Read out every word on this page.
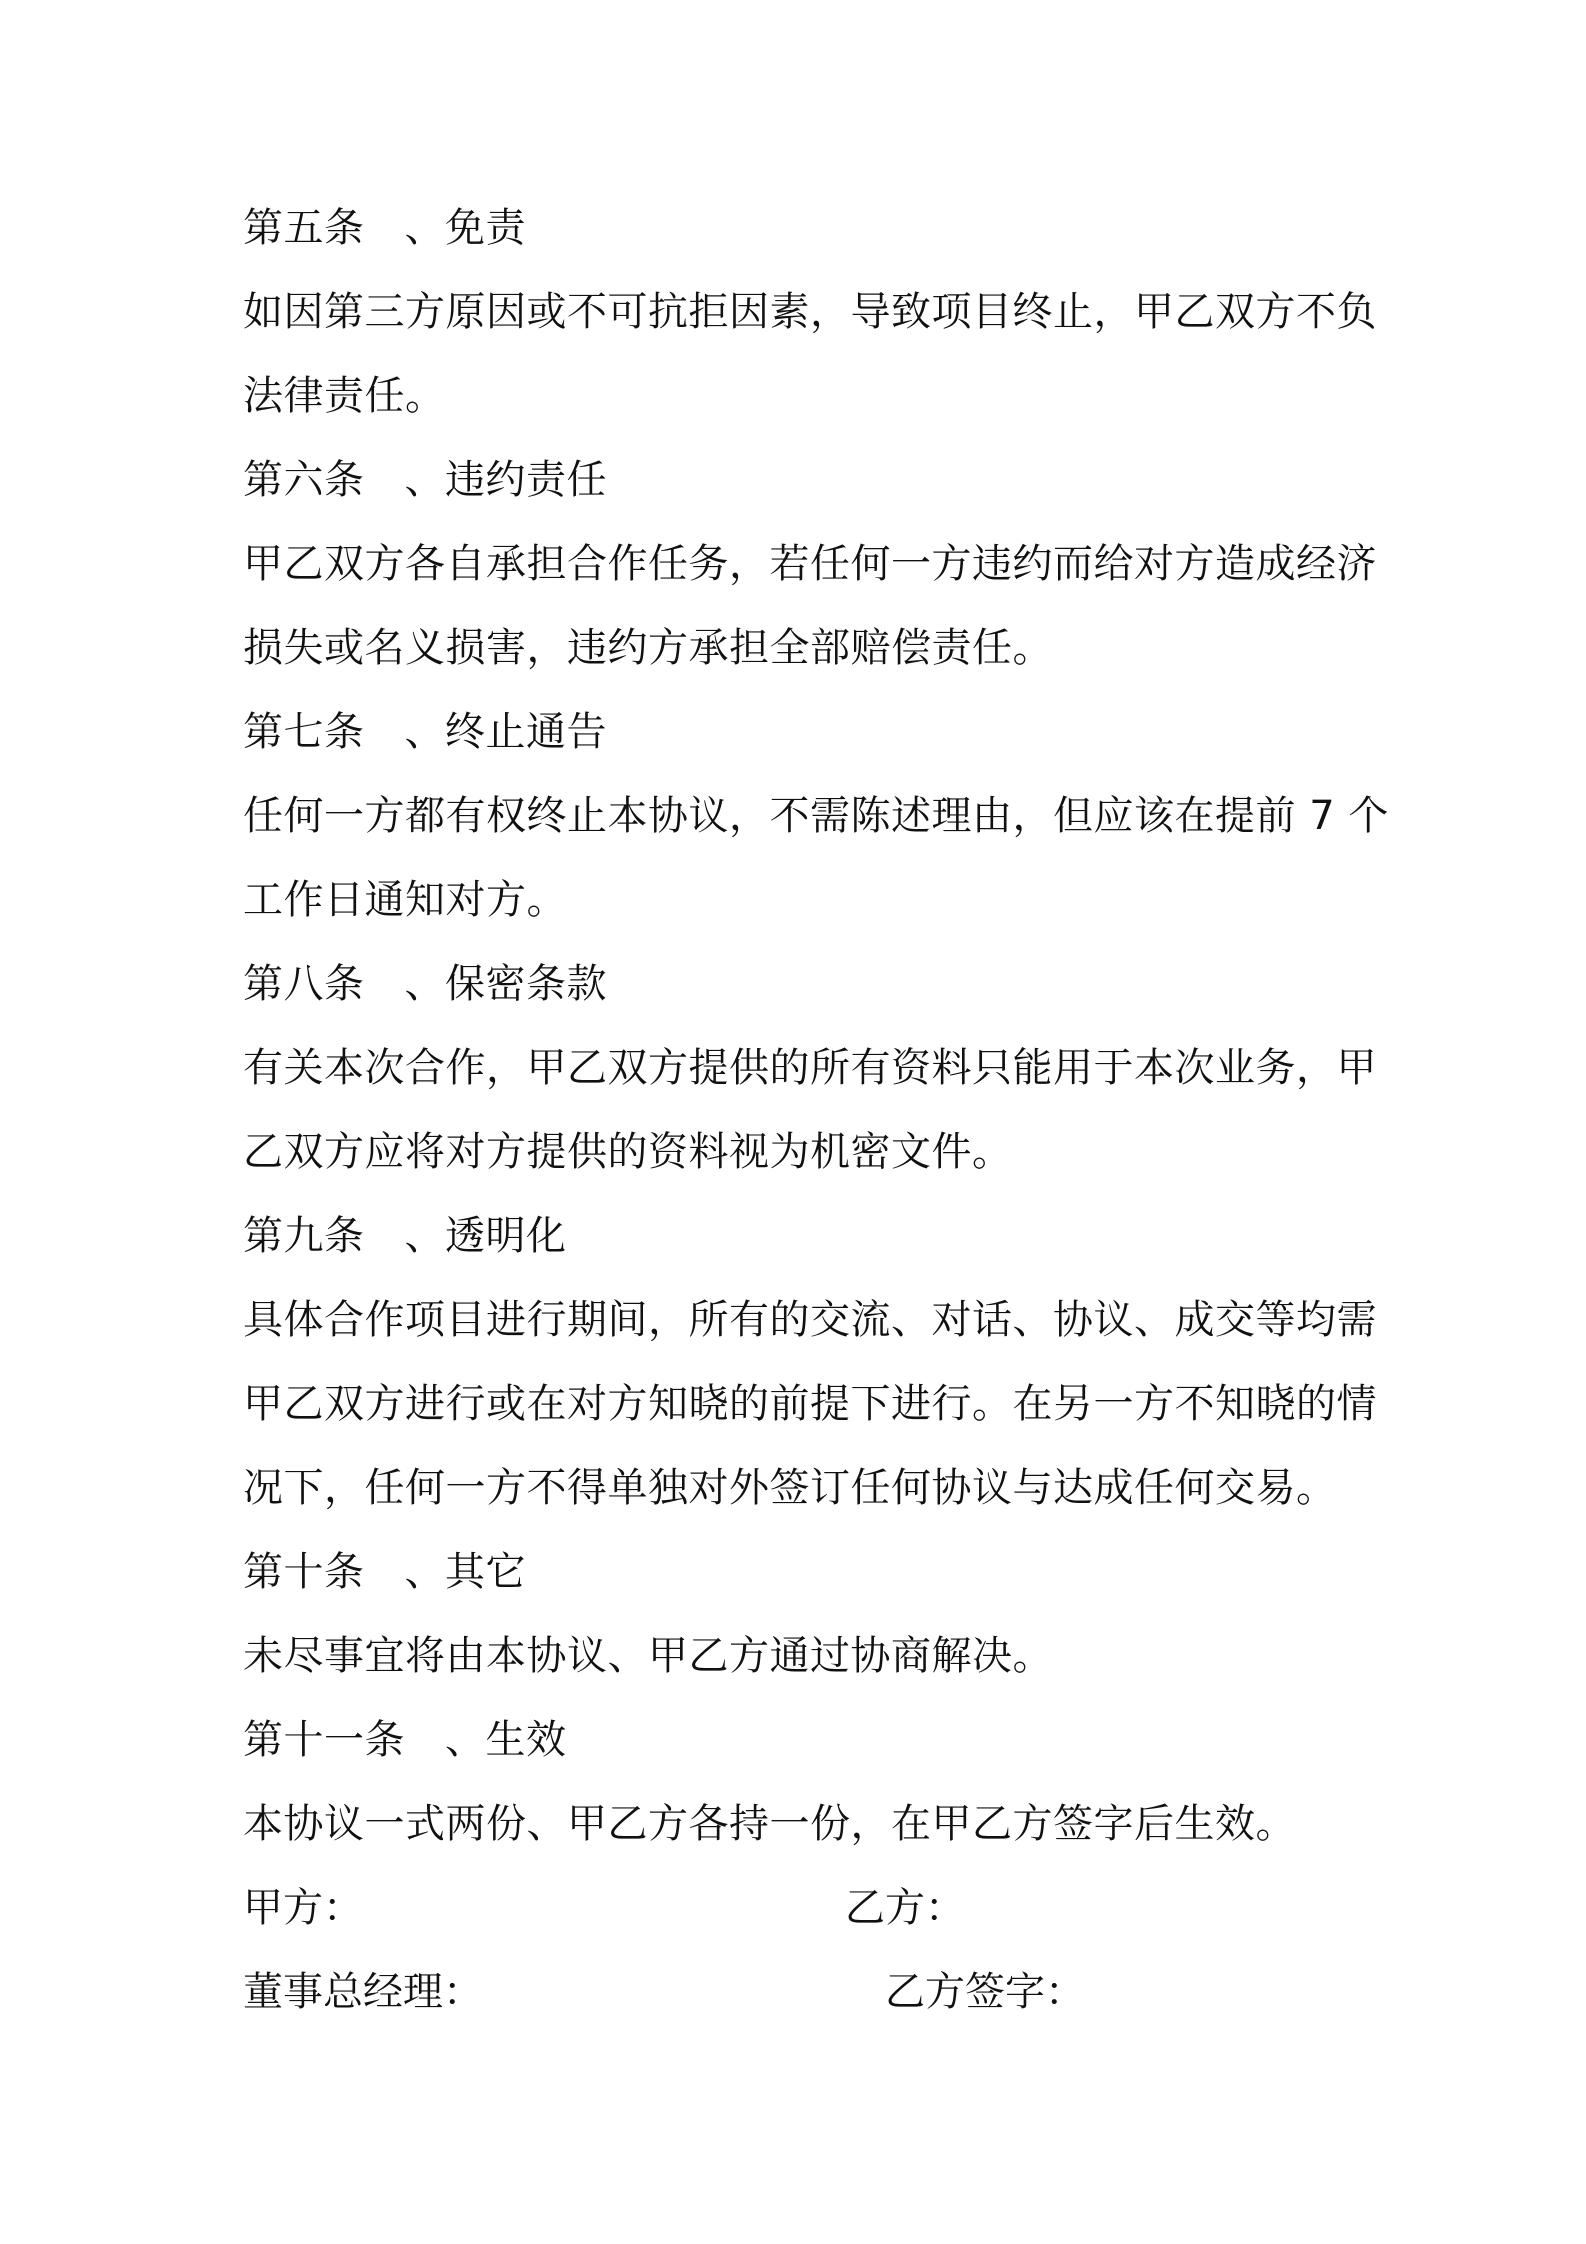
第五条 、免责
如因第三方原因或不可抗拒因素，导致项目终止，甲乙双方不负
法律责任。
第六条 、违约责任
甲乙双方各自承担合作任务，若任何一方违约而给对方造成经济
损失或名义损害，违约方承担全部赔偿责任。
第七条 、终止通告
任何一方都有权终止本协议，不需陈述理由，但应该在提前 7 个
工作日通知对方。
第八条 、保密条款
有关本次合作，甲乙双方提供的所有资料只能用于本次业务，甲
乙双方应将对方提供的资料视为机密文件。
第九条 、透明化
具体合作项目进行期间，所有的交流、对话、协议、成交等均需
甲乙双方进行或在对方知晓的前提下进行。在另一方不知晓的情
况下，任何一方不得单独对外签订任何协议与达成任何交易。
第十条 、其它
未尽事宜将由本协议、甲乙方通过协商解决。
第十一条 、生效
本协议一式两份、甲乙方各持一份，在甲乙方签字后生效。
甲方：	乙方：
董事总经理：	乙方签字：
